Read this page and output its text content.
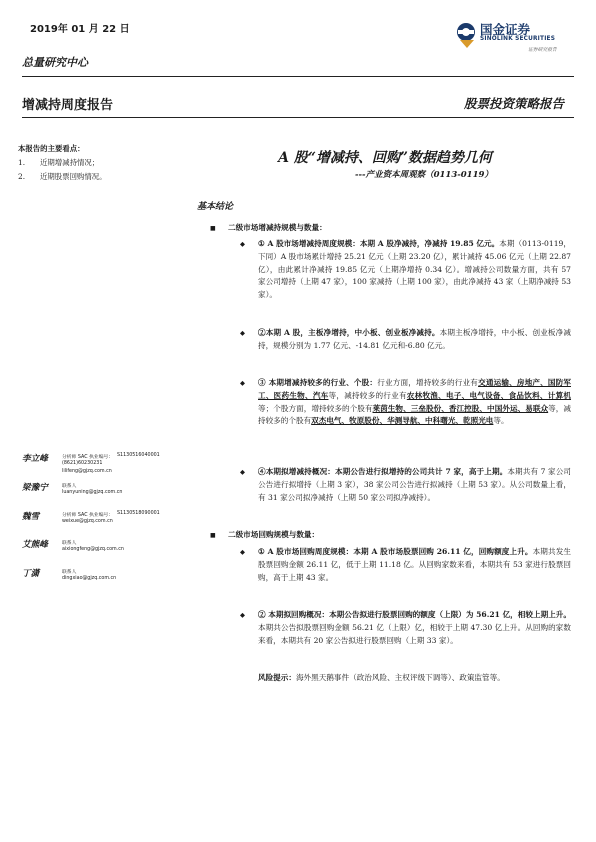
2019年 01 月 22 日
总量研究中心
增减持周度报告	股票投资策略报告
国金证券
SINOLINK SECURITIES
证券研究报告
本报告的主要看点：
1. 近期增减持情况；
2. 近期股票回购情况。
A 股“增减持、回购”数据趋势几何
---产业资本周观察（0113-0119）
基本结论
■ 二级市场增减持规模与数量：
◆ ① A 股市场增减持周度规模：本期 A 股净减持，净减持 19.85 亿元。本期（0113-0119，下同）A 股市场累计增持 25.21 亿元（上期 23.20 亿），累计减持 45.06 亿元（上期 22.87 亿），由此累计净减持 19.85 亿元（上期净增持 0.34 亿）。增减持公司数量方面，共有 57 家公司增持（上期 47 家），100 家减持（上期 100 家），由此净减持 43 家（上期净减持 53 家）。
◆ ②本期 A 股，主板净增持，中小板、创业板净减持。本期主板净增持，中小板、创业板净减持，规模分别为 1.77 亿元、-14.81 亿元和-6.80 亿元。
◆ ③ 本期增减持较多的行业、个股：行业方面，增持较多的行业有交通运输、房地产、国防军工、医药生物、汽车等，减持较多的行业有农林牧渔、电子、电气设备、食品饮料、计算机等；个股方面，增持较多的个股有莱茵生物、三垒股份、香江控股、中国外运、易联众等，减持较多的个股有双杰电气、牧原股份、华测导航、中科曙光、乾照光电等。
◆ ④本期拟增减持概况：本期公告进行拟增持的公司共计 7 家，高于上期。本期共有 7 家公司公告进行拟增持（上期 3 家），38 家公司公告进行拟减持（上期 53 家）。从公司数量上看，有 31 家公司拟净减持（上期 50 家公司拟净减持）。
■ 二级市场回购规模与数量：
◆ ① A 股市场回购周度规模：本期 A 股市场股票回购 26.11 亿，回购额度上升。本期共发生股票回购金额 26.11 亿，低于上期 11.18 亿。从回购家数来看，本期共有 53 家进行股票回购，高于上期 43 家。
◆ ② 本期拟回购概况：本期公告拟进行股票回购的额度（上限）为 56.21 亿，相较上期上升。本期共公告拟股票回购金额 56.21 亿（上限）亿，相较于上期 47.30 亿上升。从回购的家数来看，本期共有 20 家公告拟进行股票回购（上期 33 家）。
风险提示：海外黑天鹅事件（政治风险、主权评级下调等）、政策监管等。
李立峰	分析师 SAC 执业编号： S1130516040001
(8621)60230231
lilifeng@gjzq.com.cn
梁豫宁	联系人
luanyuning@gjzq.com.cn
魏雪	分析师 SAC 执业编号： S1130518090001
weixue@gjzq.com.cn
艾熊峰	联系人
aixiongfeng@gjzq.com.cn
丁潇	联系人
dingxiao@gjzq.com.cn
